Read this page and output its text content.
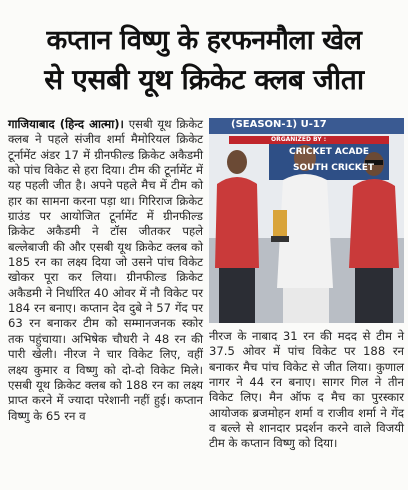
कप्तान विष्णु के हरफनमौला खेल
से एसबी यूथ क्रिकेट क्लब जीता
गाजियाबाद (हिन्द आत्मा)। एसबी यूथ क्रिकेट क्लब ने पहले संजीव शर्मा मैमोरियल क्रिकेट टूर्नामेंट अंडर 17 में ग्रीनफील्ड क्रिकेट अकैडमी को पांच विकेट से हरा दिया। टीम की टूर्नामेंट में यह पहली जीत है। अपने पहले मैच में टीम को हार का सामना करना पड़ा था। गिरिराज क्रिकेट ग्राउंड पर आयोजित टूर्नामेंट में ग्रीनफील्ड क्रिकेट अकैडमी ने टॉस जीतकर पहले बल्लेबाजी की और एसबी यूथ क्रिकेट क्लब को 185 रन का लक्ष्य दिया जो उसने पांच विकेट खोकर पूरा कर लिया। ग्रीनफील्ड क्रिकेट अकैडमी ने निर्धारित 40 ओवर में नौ विकेट पर 184 रन बनाए। कप्तान देव दुबे ने 57 गेंद पर 63 रन बनाकर टीम को सम्मानजनक स्कोर तक पहुंचाया। अभिषेक चौधरी ने 48 रन की पारी खेली। नीरज ने चार विकेट लिए, वहीं लक्ष्य कुमार व विष्णु को दो-दो विकेट मिले। एसबी यूथ क्रिकेट क्लब को 188 रन का लक्ष्य प्राप्त करने में ज्यादा परेशानी नहीं हुई। कप्तान विष्णु के 65 रन व
(SEASON-1) U-17
ORGANIZED BY :
CRICKET ACADE
SOUTH CRICKET
नीरज के नाबाद 31 रन की मदद से टीम ने 37.5 ओवर में पांच विकेट पर 188 रन बनाकर मैच पांच विकेट से जीत लिया। कुणाल नागर ने 44 रन बनाए। सागर गिल ने तीन विकेट लिए। मैन ऑफ द मैच का पुरस्कार आयोजक ब्रजमोहन शर्मा व राजीव शर्मा ने गेंद व बल्ले से शानदार प्रदर्शन करने वाले विजयी टीम के कप्तान विष्णु को दिया।
